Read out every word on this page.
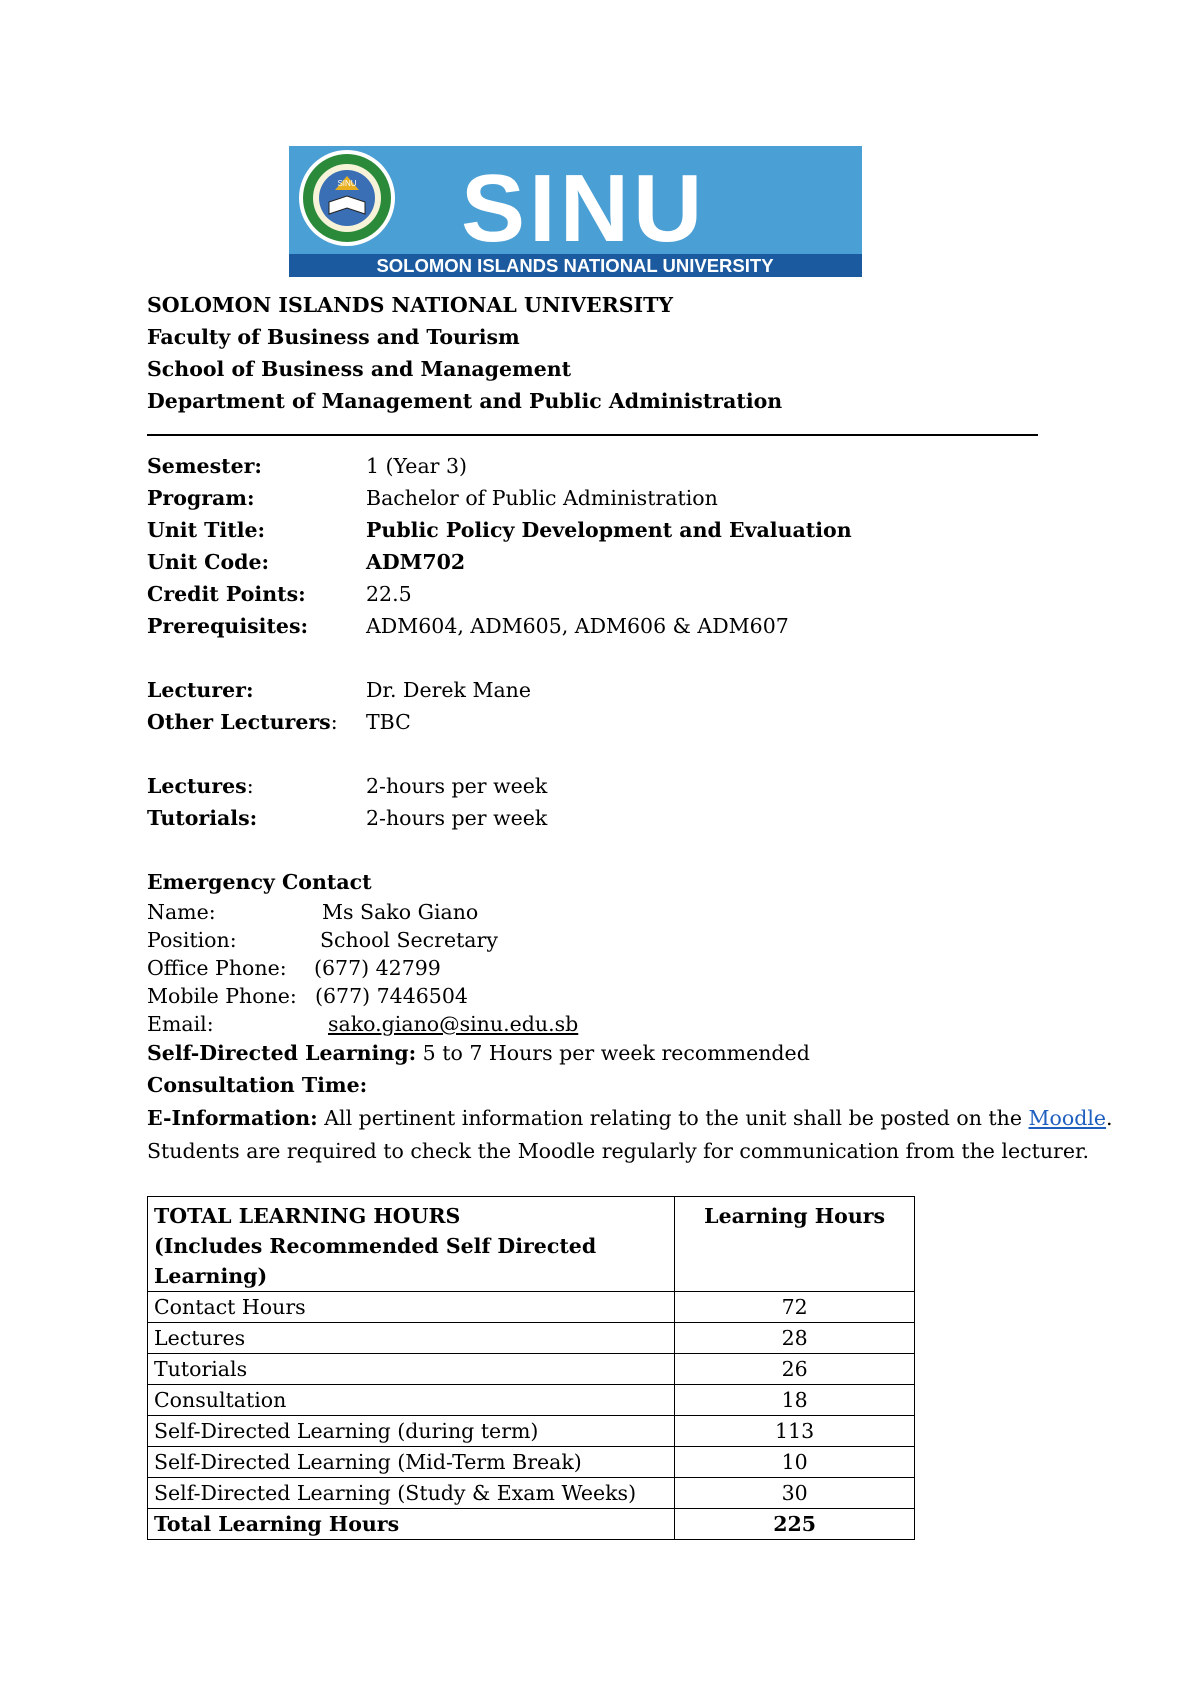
SINU SINU
SOLOMON ISLANDS NATIONAL UNIVERSITY
SOLOMON ISLANDS NATIONAL UNIVERSITY
Faculty of Business and Tourism
School of Business and Management
Department of Management and Public Administration
Semester:	1 (Year 3)
Program:	Bachelor of Public Administration
Unit Title:	Public Policy Development and Evaluation
Unit Code:	ADM702
Credit Points:	22.5
Prerequisites:	ADM604, ADM605, ADM606 & ADM607
Lecturer:	Dr. Derek Mane
Other Lecturers: TBC
Lectures:	2-hours per week
Tutorials:	2-hours per week
Emergency Contact
Name:	Ms Sako Giano
Position:	School Secretary
Office Phone: (677) 42799
Mobile Phone: (677) 7446504
Email:	sako.giano@sinu.edu.sb
Self-Directed Learning: 5 to 7 Hours per week recommended
Consultation Time:
E-Information: All pertinent information relating to the unit shall be posted on the Moodle.
Students are required to check the Moodle regularly for communication from the lecturer.
TOTAL LEARNING HOURS
(Includes Recommended Self Directed Learning)	Learning Hours
Contact Hours	72
Lectures	28
Tutorials	26
Consultation	18
Self-Directed Learning (during term)	113
Self-Directed Learning (Mid-Term Break)	10
Self-Directed Learning (Study & Exam Weeks)	30
Total Learning Hours	225
